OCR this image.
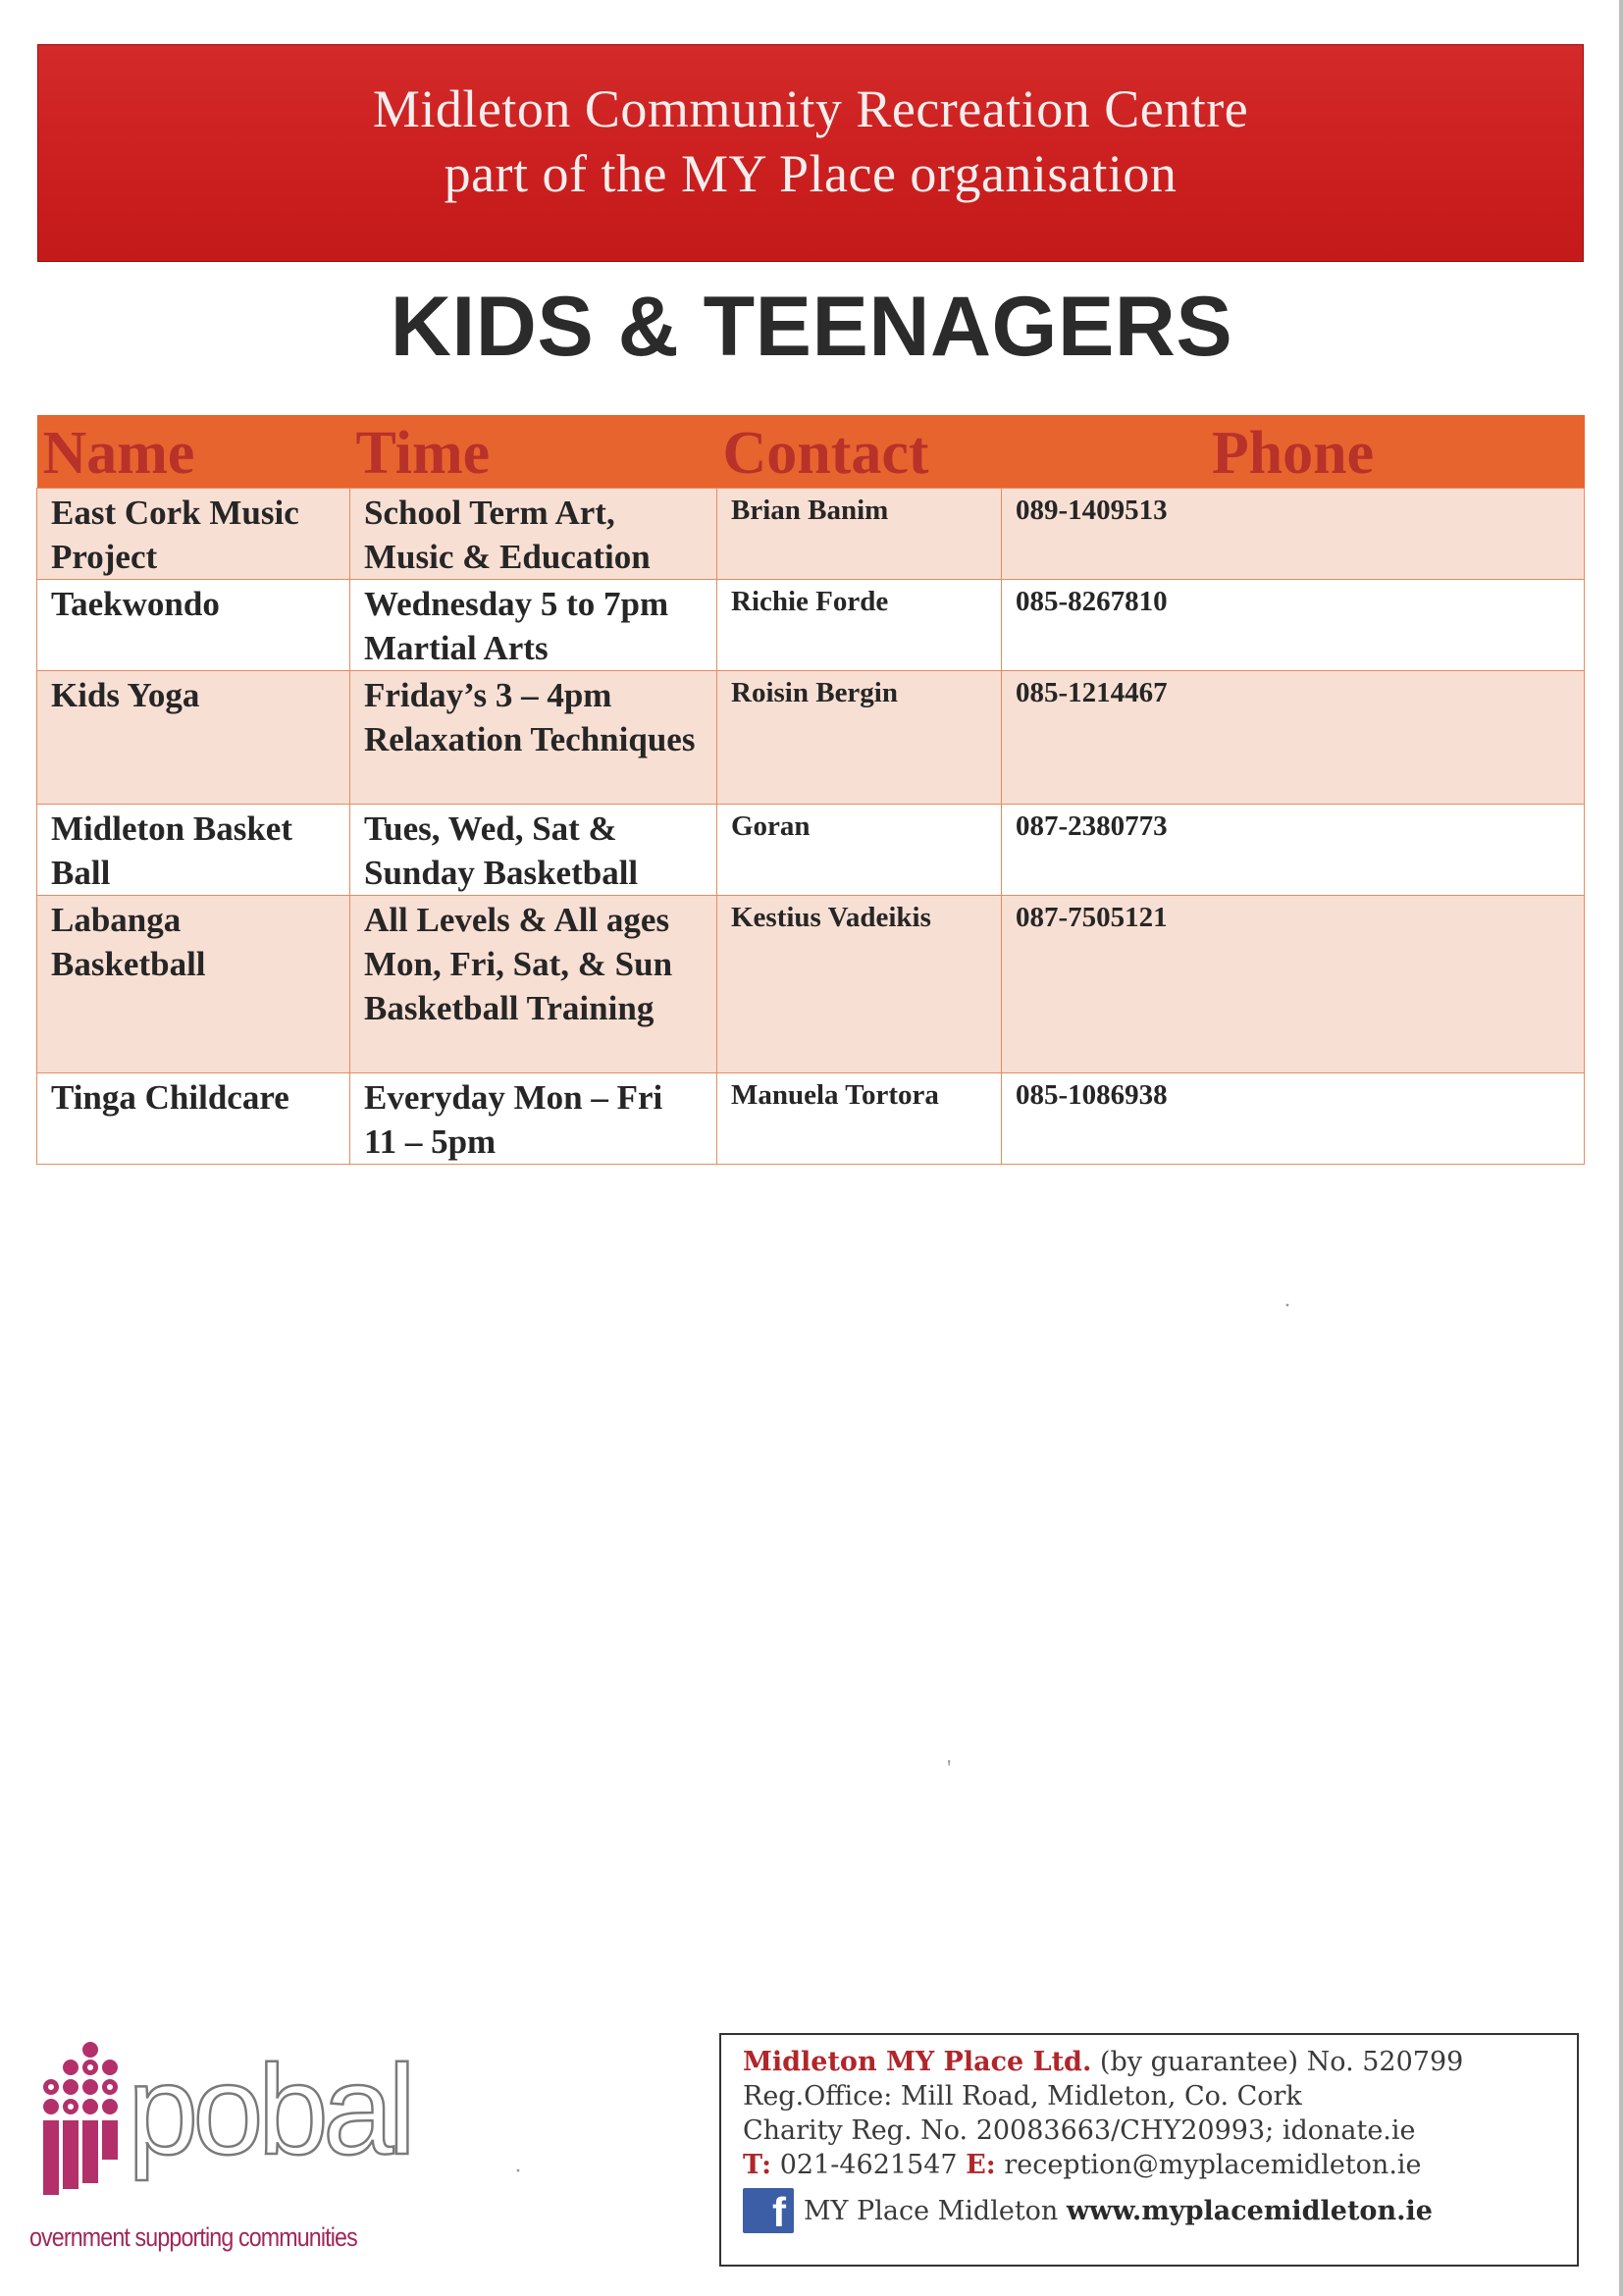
Midleton Community Recreation Centre
part of the MY Place organisation
KIDS & TEENAGERS
Name	Time	Contact	Phone
East Cork Music Project	School Term Art, Music & Education	Brian Banim	089-1409513
Taekwondo	Wednesday 5 to 7pm Martial Arts	Richie Forde	085-8267810
Kids Yoga	Friday’s 3 – 4pm Relaxation Techniques	Roisin Bergin	085-1214467
Midleton Basket Ball	Tues, Wed, Sat & Sunday Basketball	Goran	087-2380773
Labanga Basketball	All Levels & All ages Mon, Fri, Sat, & Sun Basketball Training	Kestius Vadeikis	087-7505121
Tinga Childcare	Everyday Mon – Fri 11 – 5pm	Manuela Tortora	085-1086938
·
'
·
pobal
overnment supporting communities
Midleton MY Place Ltd. (by guarantee) No. 520799
Reg.Office: Mill Road, Midleton, Co. Cork
Charity Reg. No. 20083663/CHY20993; idonate.ie
T: 021-4621547 E: reception@myplacemidleton.ie
f MY Place Midleton
www.myplacemidleton.ie
